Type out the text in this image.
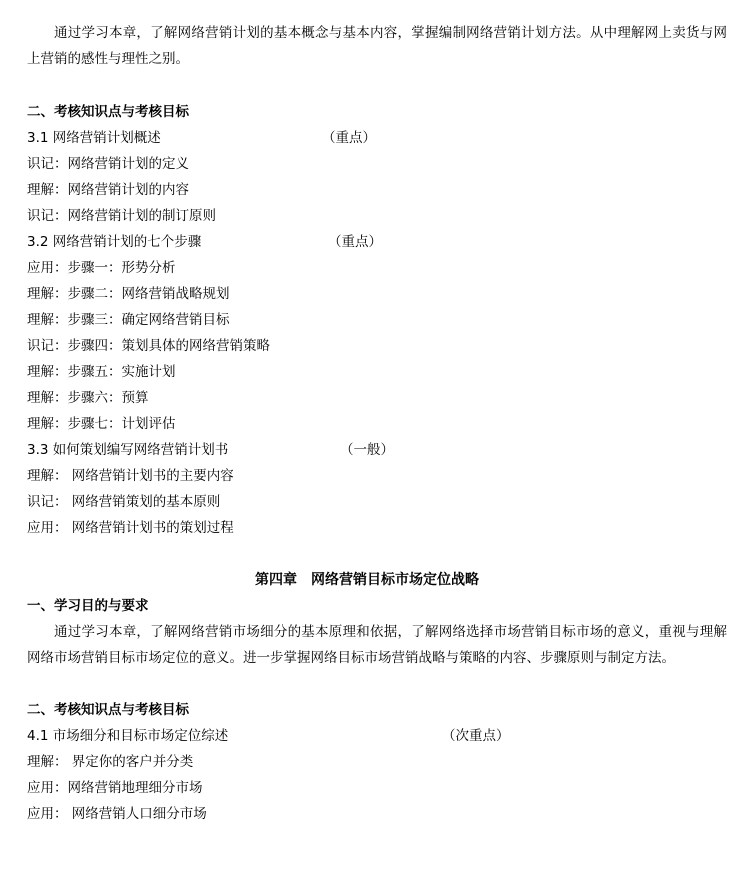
通过学习本章，了解网络营销计划的基本概念与基本内容，掌握编制网络营销计划方法。从中理解网上卖货与网上营销的感性与理性之别。
二、考核知识点与考核目标
3.1 网络营销计划概述	（重点）
识记：网络营销计划的定义
理解：网络营销计划的内容
识记：网络营销计划的制订原则
3.2 网络营销计划的七个步骤	（重点）
应用：步骤一：形势分析
理解：步骤二：网络营销战略规划
理解：步骤三：确定网络营销目标
识记：步骤四：策划具体的网络营销策略
理解：步骤五：实施计划
理解：步骤六：预算
理解：步骤七：计划评估
3.3 如何策划编写网络营销计划书	（一般）
理解： 网络营销计划书的主要内容
识记： 网络营销策划的基本原则
应用： 网络营销计划书的策划过程
第四章　网络营销目标市场定位战略
一、学习目的与要求
通过学习本章，了解网络营销市场细分的基本原理和依据，了解网络选择市场营销目标市场的意义，重视与理解网络市场营销目标市场定位的意义。进一步掌握网络目标市场营销战略与策略的内容、步骤原则与制定方法。
二、考核知识点与考核目标
4.1 市场细分和目标市场定位综述	（次重点）
理解： 界定你的客户并分类
应用：网络营销地理细分市场
应用： 网络营销人口细分市场
